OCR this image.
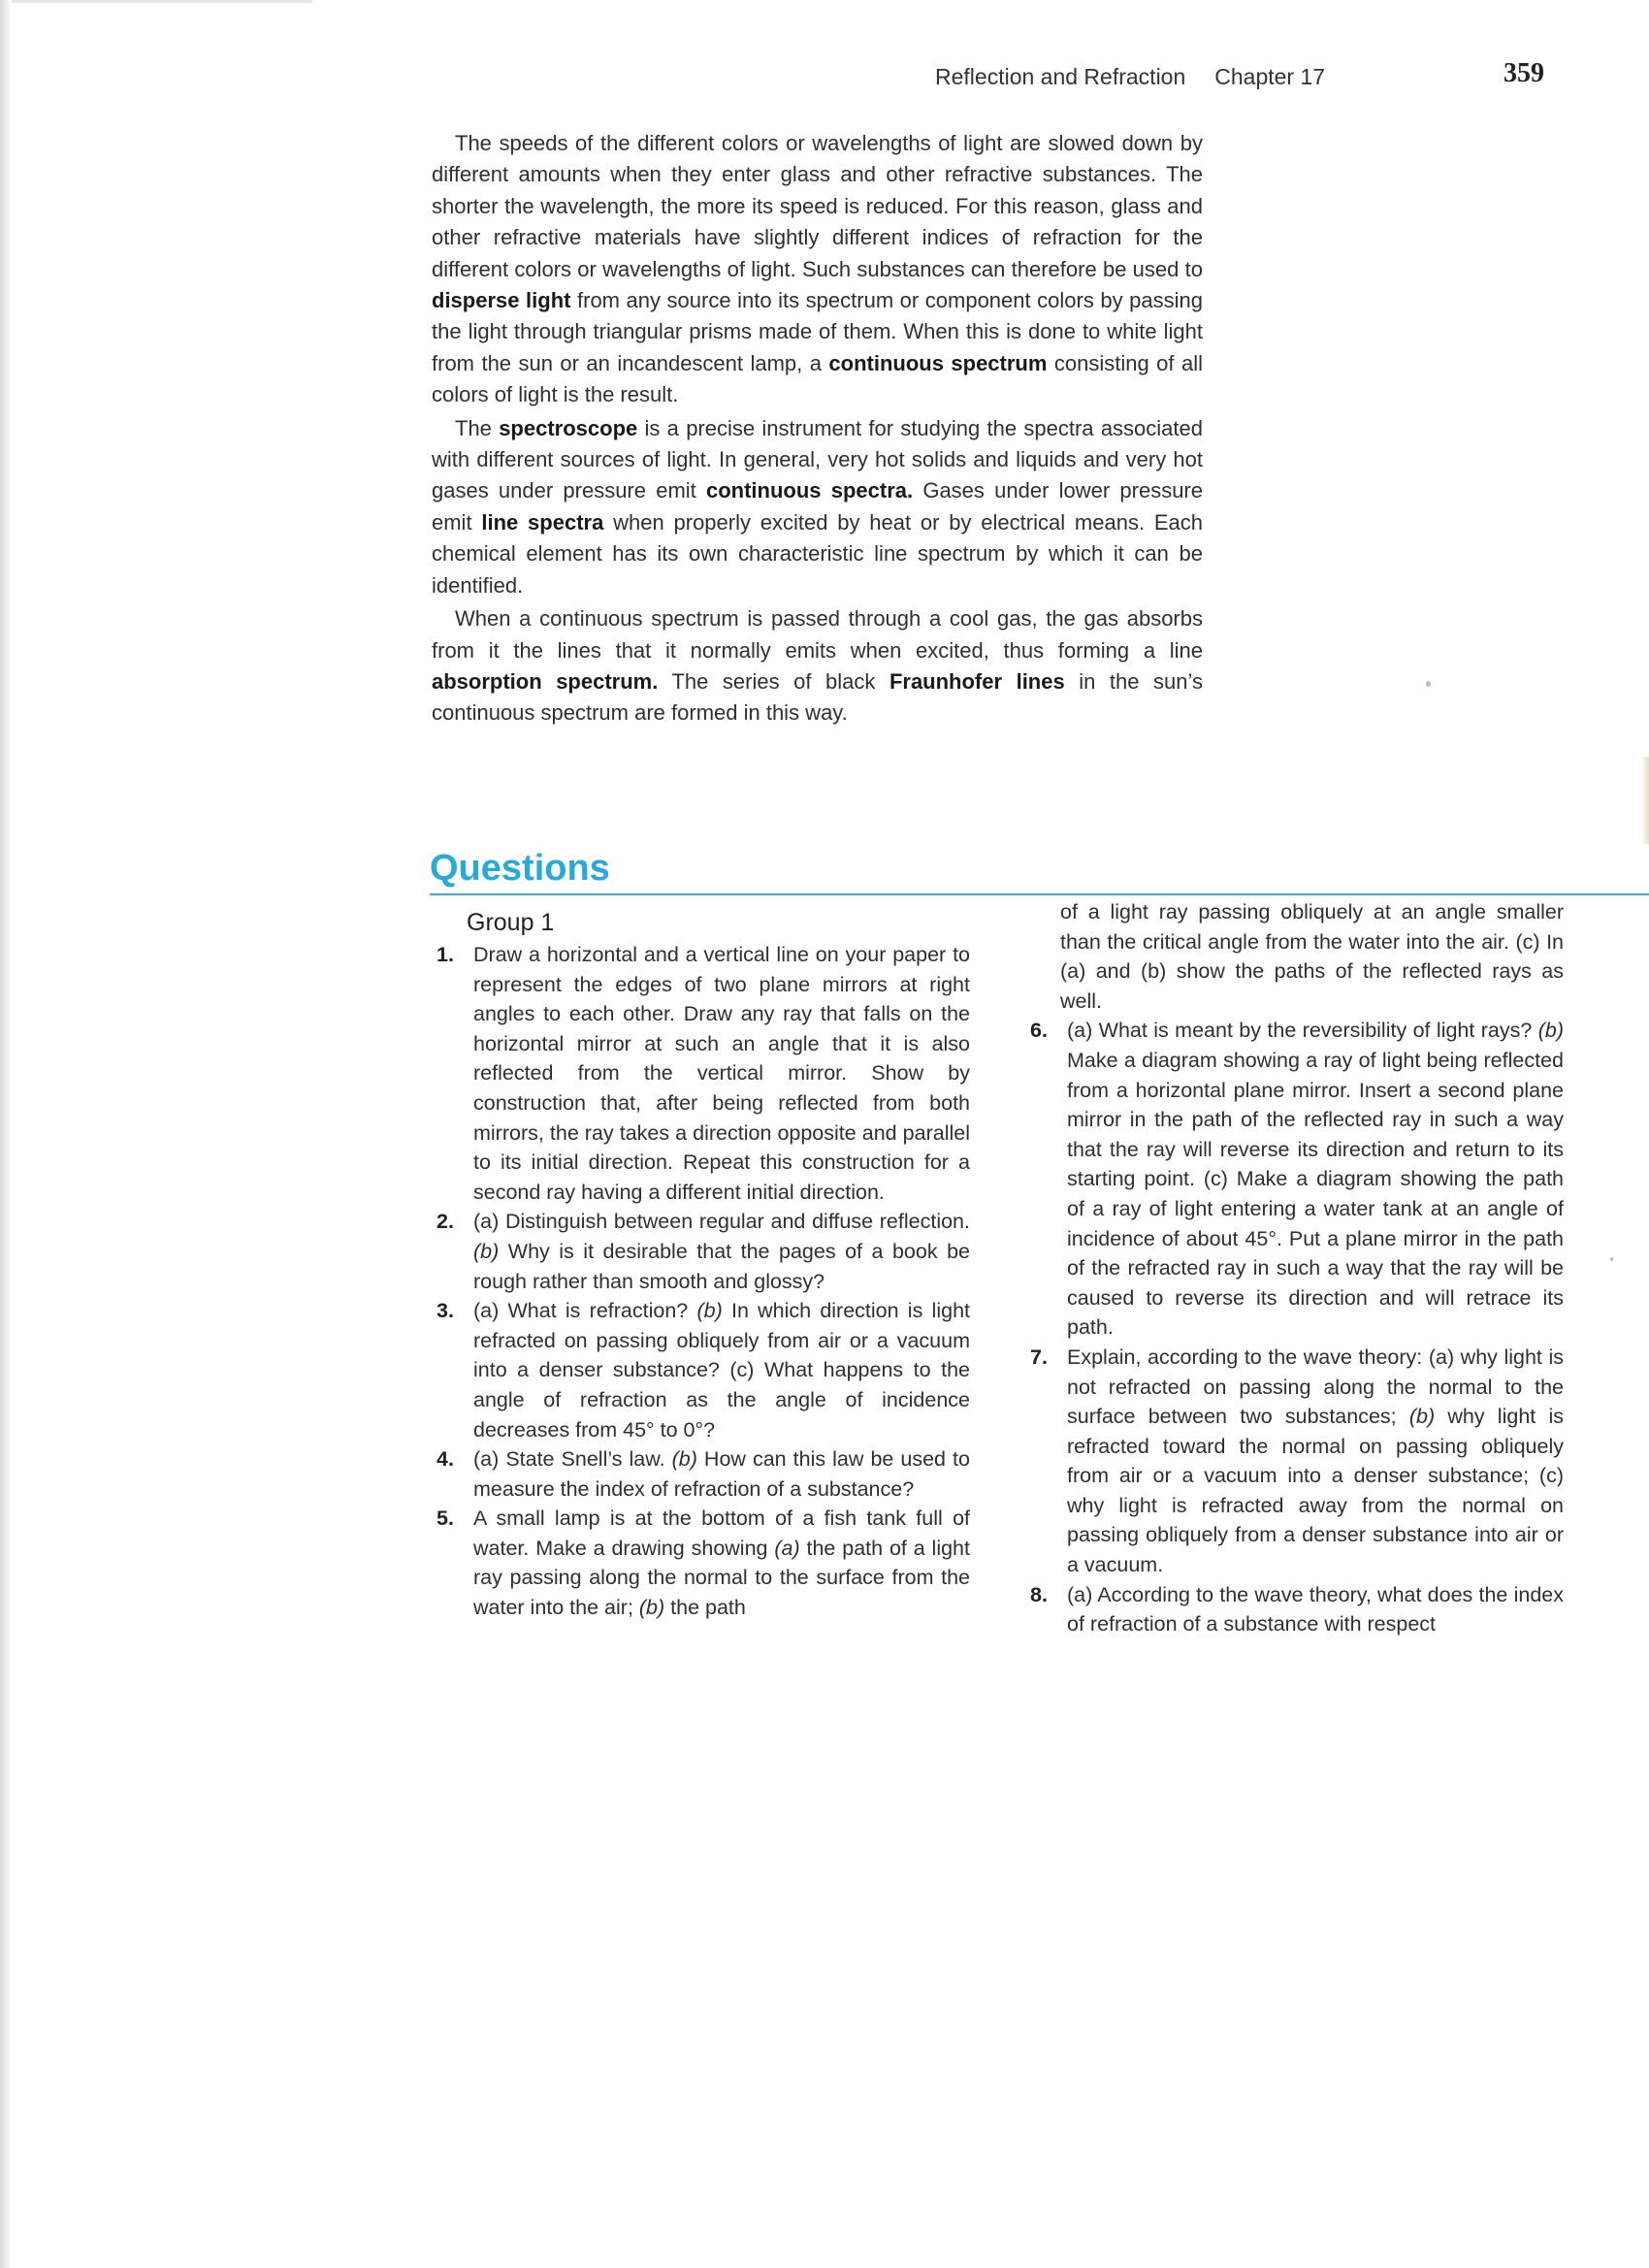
Reflection and Refraction Chapter 17	359

The speeds of the different colors or wavelengths of light are slowed down by different amounts when they enter glass and other refractive substances. The shorter the wavelength, the more its speed is reduced. For this reason, glass and other refractive materials have slightly different indices of refraction for the different colors or wavelengths of light. Such substances can therefore be used to disperse light from any source into its spectrum or component colors by passing the light through triangular prisms made of them. When this is done to white light from the sun or an incandescent lamp, a continuous spectrum consisting of all colors of light is the result.

The spectroscope is a precise instrument for studying the spectra associated with different sources of light. In general, very hot solids and liquids and very hot gases under pressure emit continuous spectra. Gases under lower pressure emit line spectra when properly excited by heat or by electrical means. Each chemical element has its own characteristic line spectrum by which it can be identified.

When a continuous spectrum is passed through a cool gas, the gas absorbs from it the lines that it normally emits when excited, thus forming a line absorption spectrum. The series of black Fraunhofer lines in the sun’s continuous spectrum are formed in this way.

Questions
Group 1

1. Draw a horizontal and a vertical line on your paper to represent the edges of two plane mirrors at right angles to each other. Draw any ray that falls on the horizontal mirror at such an angle that it is also reflected from the vertical mirror. Show by construction that, after being reflected from both mirrors, the ray takes a direction opposite and parallel to its initial direction. Repeat this construction for a second ray having a different initial direction.

2. (a) Distinguish between regular and diffuse reflection. (b) Why is it desirable that the pages of a book be rough rather than smooth and glossy?

3. (a) What is refraction? (b) In which direction is light refracted on passing obliquely from air or a vacuum into a denser substance? (c) What happens to the angle of refraction as the angle of incidence decreases from 45° to 0°?

4. (a) State Snell’s law. (b) How can this law be used to measure the index of refraction of a substance?

5. A small lamp is at the bottom of a fish tank full of water. Make a drawing showing (a) the path of a light ray passing along the normal to the surface from the water into the air; (b) the path

of a light ray passing obliquely at an angle smaller than the critical angle from the water into the air. (c) In (a) and (b) show the paths of the reflected rays as well.

6. (a) What is meant by the reversibility of light rays? (b) Make a diagram showing a ray of light being reflected from a horizontal plane mirror. Insert a second plane mirror in the path of the reflected ray in such a way that the ray will reverse its direction and return to its starting point. (c) Make a diagram showing the path of a ray of light entering a water tank at an angle of incidence of about 45°. Put a plane mirror in the path of the refracted ray in such a way that the ray will be caused to reverse its direction and will retrace its path.

7. Explain, according to the wave theory: (a) why light is not refracted on passing along the normal to the surface between two substances; (b) why light is refracted toward the normal on passing obliquely from air or a vacuum into a denser substance; (c) why light is refracted away from the normal on passing obliquely from a denser substance into air or a vacuum.

8. (a) According to the wave theory, what does the index of refraction of a substance with respect
